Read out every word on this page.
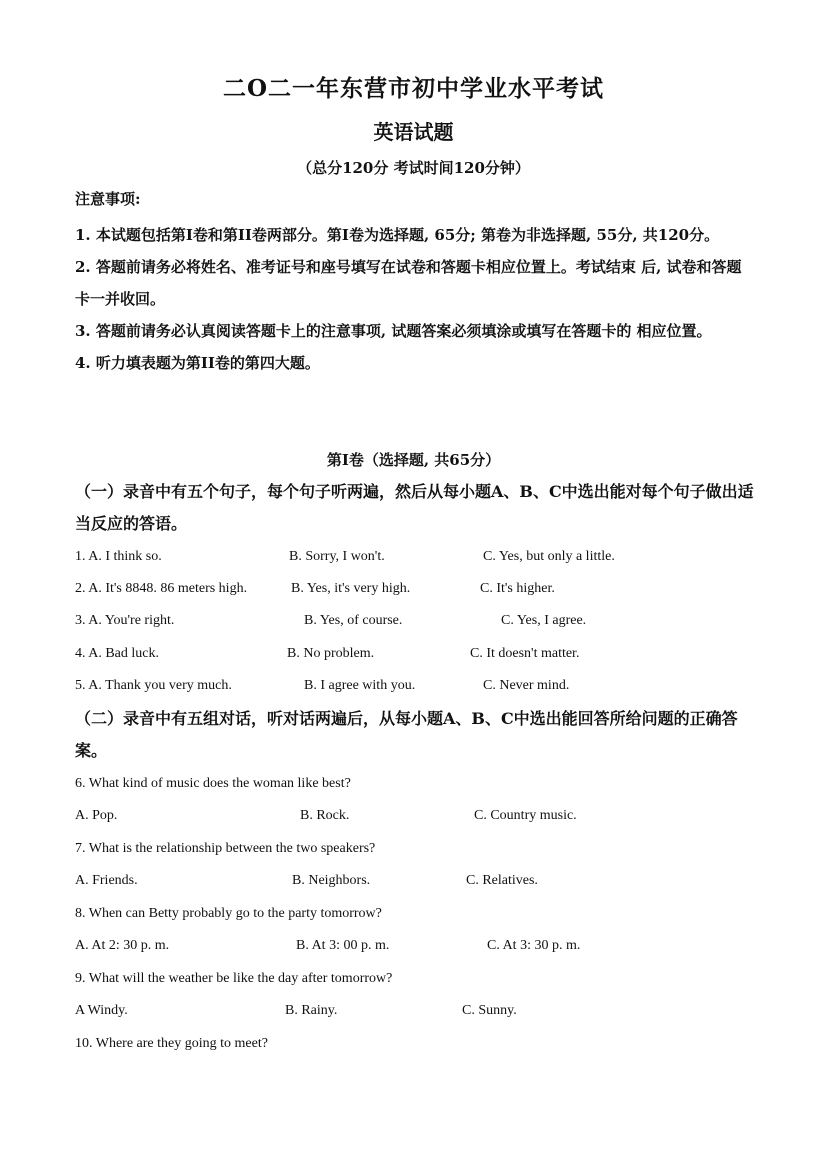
二O二一年东营市初中学业水平考试
英语试题
（总分120分 考试时间120分钟）
注意事项:

1. 本试题包括第I卷和第II卷两部分。第I卷为选择题, 65分; 第卷为非选择题, 55分, 共120分。

2. 答题前请务必将姓名、准考证号和座号填写在试卷和答题卡相应位置上。考试结束 后, 试卷和答题卡一并收回。

3. 答题前请务必认真阅读答题卡上的注意事项, 试题答案必须填涂或填写在答题卡的 相应位置。

4. 听力填表题为第II卷的第四大题。

第I卷（选择题, 共65分）
（一）录音中有五个句子，每个句子听两遍，然后从每小题A、B、C中选出能对每个句子做出适当反应的答语。
1. A. I think so.	B. Sorry, I won't.	C. Yes, but only a little.
2. A. It's 8848. 86 meters high.	B. Yes, it's very high.	C. It's higher.
3. A. You're right.	B. Yes, of course.	C. Yes, I agree.
4. A. Bad luck.	B. No problem.	C. It doesn't matter.
5. A. Thank you very much.	B. I agree with you.	C. Never mind.
（二）录音中有五组对话，听对话两遍后，从每小题A、B、C中选出能回答所给问题的正确答案。
6. What kind of music does the woman like best?
A. Pop.	B. Rock.	C. Country music.
7. What is the relationship between the two speakers?
A. Friends.	B. Neighbors.	C. Relatives.
8. When can Betty probably go to the party tomorrow?
A. At 2: 30 p. m.	B. At 3: 00 p. m.	C. At 3: 30 p. m.
9. What will the weather be like the day after tomorrow?
A Windy.	B. Rainy.	C. Sunny.
10. Where are they going to meet?
